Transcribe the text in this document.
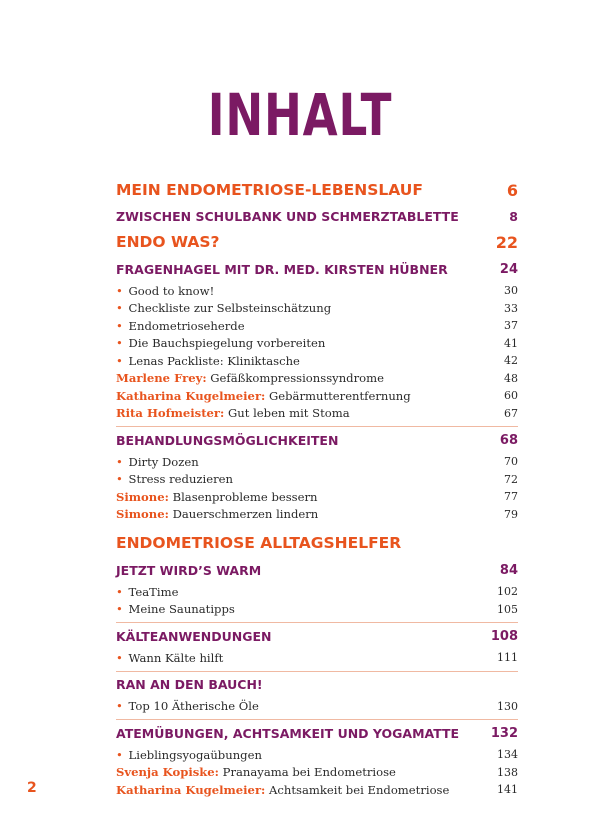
INHALT
MEIN ENDOMETRIOSE-LEBENSLAUF	6
ZWISCHEN SCHULBANK UND SCHMERZTABLETTE	8
ENDO WAS?	22
FRAGENHAGEL MIT DR. MED. KIRSTEN HÜBNER	24
• Good to know!	30
• Checkliste zur Selbsteinschätzung	33
• Endometrioseherde	37
• Die Bauchspiegelung vorbereiten	41
• Lenas Packliste: Kliniktasche	42
Marlene Frey: Gefäßkompressionssyndrome	48
Katharina Kugelmeier: Gebärmutterentfernung	60
Rita Hofmeister: Gut leben mit Stoma	67
BEHANDLUNGSMÖGLICHKEITEN	68
• Dirty Dozen	70
• Stress reduzieren	72
Simone: Blasenprobleme bessern	77
Simone: Dauerschmerzen lindern	79
ENDOMETRIOSE ALLTAGSHELFER
JETZT WIRD’S WARM	84
• TeaTime	102
• Meine Saunatipps	105
KÄLTEANWENDUNGEN	108
• Wann Kälte hilft	111
RAN AN DEN BAUCH!
• Top 10 Ätherische Öle	130
ATEMÜBUNGEN, ACHTSAMKEIT UND YOGAMATTE 132
• Lieblingsyogaübungen	134
Svenja Kopiske: Pranayama bei Endometriose	138
Katharina Kugelmeier: Achtsamkeit bei Endometriose	141
2
